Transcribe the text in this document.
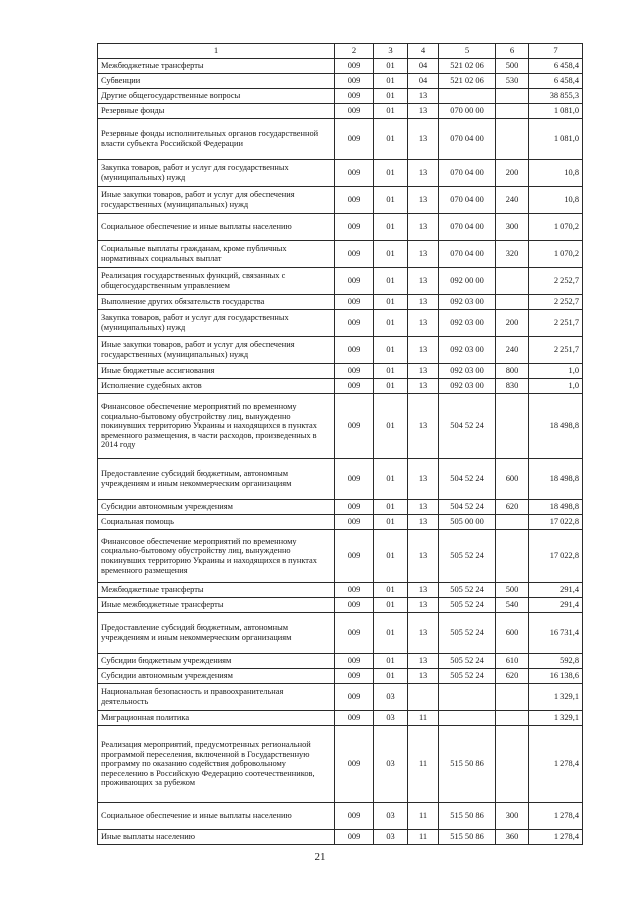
1	2	3	4	5	6	7
Межбюджетные трансферты	009	01	04	521 02 06	500	6 458,4
Субвенции	009	01	04	521 02 06	530	6 458,4
Другие общегосударственные вопросы	009	01	13			38 855,3
Резервные фонды	009	01	13	070 00 00		1 081,0
Резервные фонды исполнительных органов государственной власти субъекта Российской Федерации	009	01	13	070 04 00		1 081,0
Закупка товаров, работ и услуг для государственных (муниципальных) нужд	009	01	13	070 04 00	200	10,8
Иные закупки товаров, работ и услуг для обеспечения государственных (муниципальных) нужд	009	01	13	070 04 00	240	10,8
Социальное обеспечение и иные выплаты населению	009	01	13	070 04 00	300	1 070,2
Социальные выплаты гражданам, кроме публичных нормативных социальных выплат	009	01	13	070 04 00	320	1 070,2
Реализация государственных функций, связанных с общегосударственным управлением	009	01	13	092 00 00		2 252,7
Выполнение других обязательств государства	009	01	13	092 03 00		2 252,7
Закупка товаров, работ и услуг для государственных (муниципальных) нужд	009	01	13	092 03 00	200	2 251,7
Иные закупки товаров, работ и услуг для обеспечения государственных (муниципальных) нужд	009	01	13	092 03 00	240	2 251,7
Иные бюджетные ассигнования	009	01	13	092 03 00	800	1,0
Исполнение судебных актов	009	01	13	092 03 00	830	1,0
Финансовое обеспечение мероприятий по временному социально-бытовому обустройству лиц, вынужденно покинувших территорию Украины и находящихся в пунктах временного размещения, в части расходов, произведенных в 2014 году	009	01	13	504 52 24		18 498,8
Предоставление субсидий бюджетным, автономным учреждениям и иным некоммерческим организациям	009	01	13	504 52 24	600	18 498,8
Субсидии автономным учреждениям	009	01	13	504 52 24	620	18 498,8
Социальная помощь	009	01	13	505 00 00		17 022,8
Финансовое обеспечение мероприятий по временному социально-бытовому обустройству лиц, вынужденно покинувших территорию Украины и находящихся в пунктах временного размещения	009	01	13	505 52 24		17 022,8
Межбюджетные трансферты	009	01	13	505 52 24	500	291,4
Иные межбюджетные трансферты	009	01	13	505 52 24	540	291,4
Предоставление субсидий бюджетным, автономным учреждениям и иным некоммерческим организациям	009	01	13	505 52 24	600	16 731,4
Субсидии бюджетным учреждениям	009	01	13	505 52 24	610	592,8
Субсидии автономным учреждениям	009	01	13	505 52 24	620	16 138,6
Национальная безопасность и правоохранительная деятельность	009	03				1 329,1
Миграционная политика	009	03	11			1 329,1
Реализация мероприятий, предусмотренных региональной программой переселения, включенной в Государственную программу по оказанию содействия добровольному переселению в Российскую Федерацию соотечественников, проживающих за рубежом	009	03	11	515 50 86		1 278,4
Социальное обеспечение и иные выплаты населению	009	03	11	515 50 86	300	1 278,4
Иные выплаты населению	009	03	11	515 50 86	360	1 278,4
21
